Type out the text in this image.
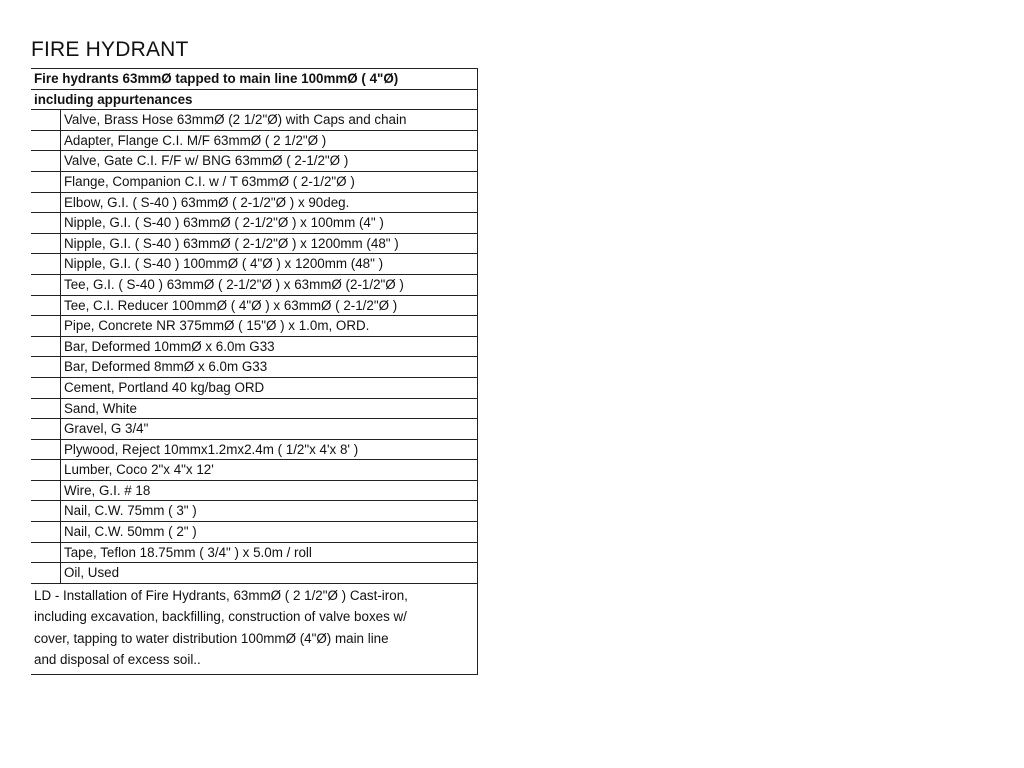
FIRE HYDRANT
Fire hydrants 63mmØ tapped to main line 100mmØ ( 4"Ø)
including appurtenances
Valve, Brass Hose 63mmØ (2 1/2"Ø) with Caps and chain
Adapter, Flange C.I. M/F 63mmØ ( 2 1/2"Ø )
Valve, Gate C.I. F/F w/ BNG 63mmØ ( 2-1/2"Ø )
Flange, Companion C.I. w / T 63mmØ ( 2-1/2"Ø )
Elbow, G.I. ( S-40 ) 63mmØ ( 2-1/2"Ø ) x 90deg.
Nipple, G.I. ( S-40 ) 63mmØ ( 2-1/2"Ø ) x 100mm (4" )
Nipple, G.I. ( S-40 ) 63mmØ ( 2-1/2"Ø ) x 1200mm (48" )
Nipple, G.I. ( S-40 ) 100mmØ ( 4"Ø ) x 1200mm (48" )
Tee, G.I. ( S-40 ) 63mmØ ( 2-1/2"Ø ) x 63mmØ (2-1/2"Ø )
Tee, C.I. Reducer 100mmØ ( 4"Ø ) x 63mmØ ( 2-1/2"Ø )
Pipe, Concrete NR 375mmØ ( 15"Ø ) x 1.0m, ORD.
Bar, Deformed 10mmØ x 6.0m G33
Bar, Deformed 8mmØ x 6.0m G33
Cement, Portland 40 kg/bag ORD
Sand, White
Gravel, G 3/4"
Plywood, Reject 10mmx1.2mx2.4m ( 1/2"x 4'x 8' )
Lumber, Coco 2"x 4"x 12'
Wire, G.I. # 18
Nail, C.W. 75mm ( 3" )
Nail, C.W. 50mm ( 2" )
Tape, Teflon 18.75mm ( 3/4" ) x 5.0m / roll
Oil, Used
LD - Installation of Fire Hydrants, 63mmØ ( 2 1/2"Ø ) Cast-iron,
including excavation, backfilling, construction of valve boxes w/
cover, tapping to water distribution 100mmØ (4"Ø) main line
and disposal of excess soil..
